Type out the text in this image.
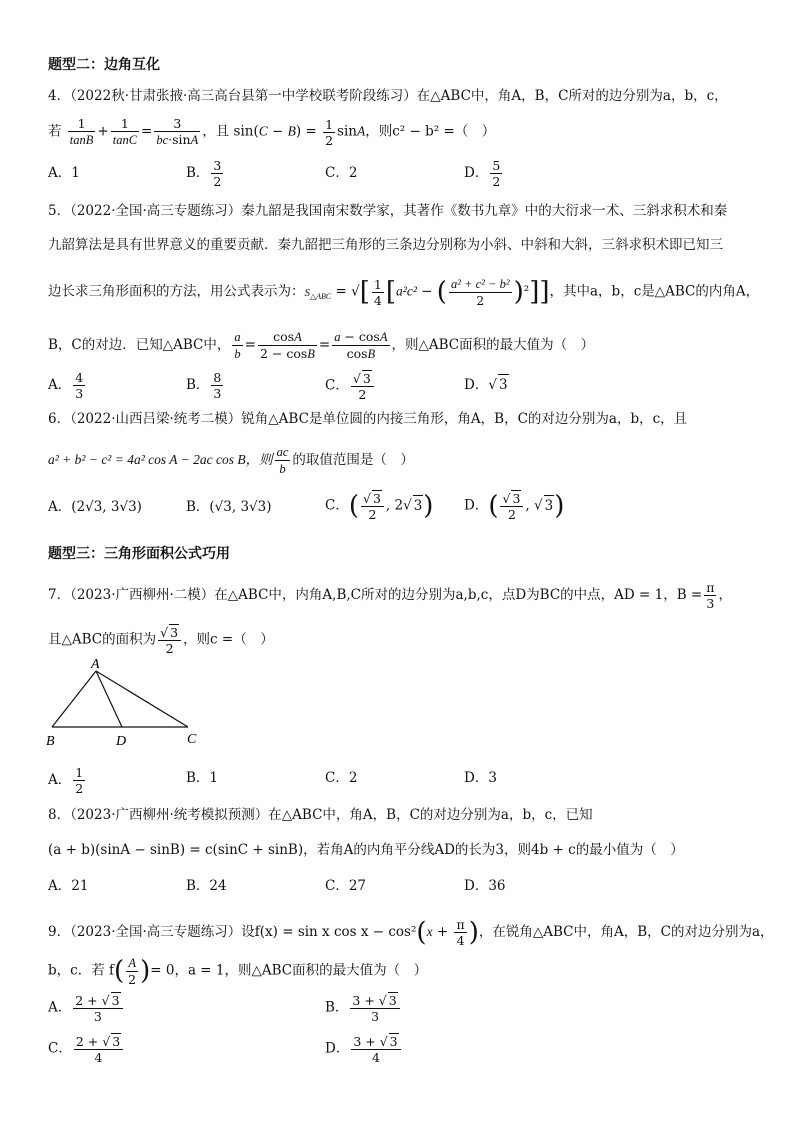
题型二：边角互化
4．（2022秋·甘肃张掖·高三高台县第一中学校联考阶段练习）在△ABC中，角A，B，C所对的边分别为a，b，c，
若 $\frac{1}{\tan B} + \frac{1}{\tan C} = \frac{3}{bc\cdot\sin A}$ ，且 $\sin(C - B) = \frac{1}{2}$ sinA，则c² − b² =（　）
A．1	B． $\frac{3}{2}$	C．2	D． $\frac{5}{2}$
5．（2022·全国·高三专题练习）秦九韶是我国南宋数学家，其著作《数书九章》中的大衍求一术、三斜求积术和秦
九韶算法是具有世界意义的重要贡献．秦九韶把三角形的三条边分别称为小斜、中斜和大斜，三斜求积术即已知三
边长求三角形面积的方法，用公式表示为：$S_{\triangle ABC}$ = √[ $\frac{1}{4} [a^2c^2$ − ( $\frac{\text{a² + c² − b²}}{2} )^2$]]，其中a，b，c是△ABC的内角A，
B，C的对边．已知△ABC中， $\frac{a}{b} = \frac{\cos A}{2 - \cos B} = \frac{a - \cos A}{\cos B}$ ，则△ABC面积的最大值为（　）
A． $\frac{4}{3}$	B． $\frac{8}{3}$	C． $\frac{√ 3}{2}$	D．√ 3
6．（2022·山西吕梁·统考二模）锐角△ABC是单位圆的内接三角形，角A，B，C的对边分别为a，b，c，且
a² + b² − c² = 4a² cos A − 2ac cos B，则 $\frac{ac}{b}$ 的取值范围是（　）
A．(2√3, 3√3)	B．(√3, 3√3)	C．( $\frac{√ 3}{2}$ , 2√ 3) D．( $\frac{√ 3}{2}$ , √ 3)
题型三：三角形面积公式巧用
7．（2023·广西柳州·二模）在△ABC中，内角A,B,C所对的边分别为a,b,c，点D为BC的中点，AD = 1，$B = \frac{\pi}{3}$ ，
且△ABC的面积为 $\frac{√ 3}{2}$ ，则c =（　）
A
B	D	C
A． $\frac{1}{2}$	B．1	C．2	D．3
8．（2023·广西柳州·统考模拟预测）在△ABC中，角A，B，C的对边分别为a，b，c，已知
(a + b)(sinA − sinB) = c(sinC + sinB)，若角A的内角平分线AD的长为3，则4b + c的最小值为（　）
A．21	B．24	C．27	D．36
9．（2023·全国·高三专题练习）设f(x) = sin x $\cos x - \cos^2(x + \frac{\pi}{4}$ )，在锐角△ABC中，角A，B，C的对边分别为a，
b，c．若 $f( \frac{A}{2}$ )= 0，a = 1，则△ABC面积的最大值为（　）
A． $\frac{2 + √ 3}{3}$	B． $\frac{3 + √ 3}{3}$
C． $\frac{2 + √ 3}{4}$	D． $\frac{3 + √ 3}{4}$
